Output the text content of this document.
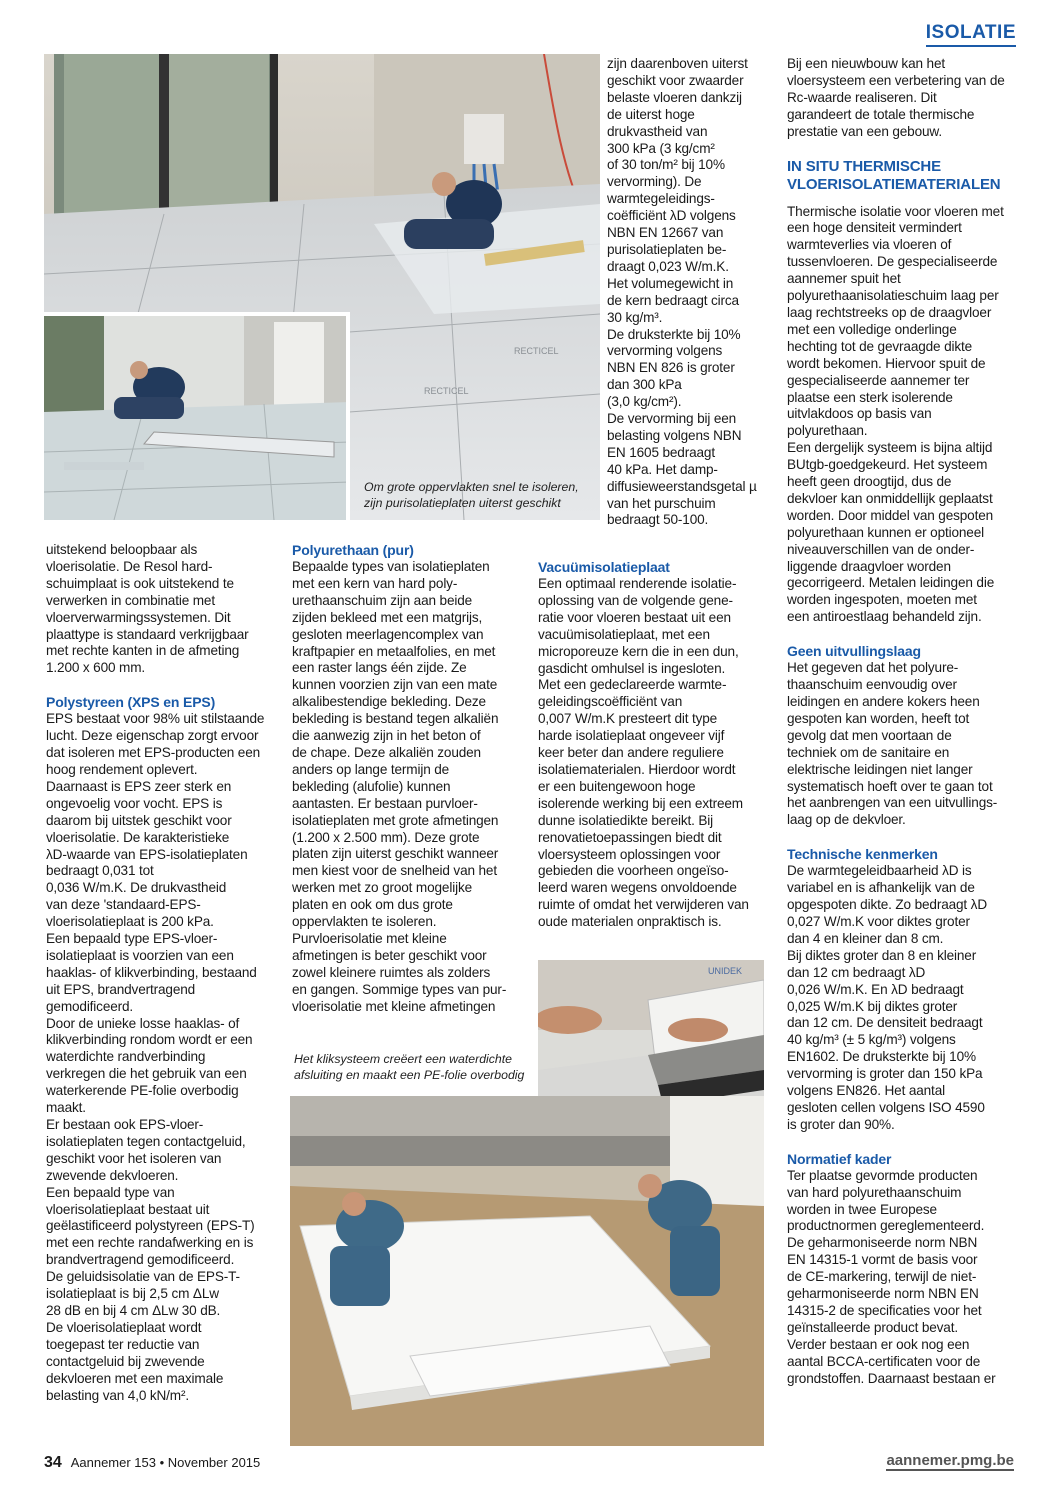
ISOLATIE
RECTICEL
RECTICEL
Om grote oppervlakten snel te isoleren,
zijn purisolatieplaten uiterst geschikt

zijn daarenboven uiterst
geschikt voor zwaarder
belaste vloeren dankzij
de uiterst hoge
drukvastheid van
300 kPa (3 kg/cm²
of 30 ton/m² bij 10%
vervorming). De
warmtegeleidings-
coëfficiënt λD volgens
NBN EN 12667 van
purisolatieplaten be-
draagt 0,023 W/m.K.
Het volumegewicht in
de kern bedraagt circa
30 kg/m³.
De druksterkte bij 10%
vervorming volgens
NBN EN 826 is groter
dan 300 kPa
(3,0 kg/cm²).
De vervorming bij een
belasting volgens NBN
EN 1605 bedraagt
40 kPa. Het damp-
diffusieweerstandsgetal µ
van het purschuim
bedraagt 50-100.

Bij een nieuwbouw kan het
vloersysteem een verbetering van de
Rc-waarde realiseren. Dit
garandeert de totale thermische
prestatie van een gebouw.

IN SITU THERMISCHE
VLOERISOLATIEMATERIALEN

Thermische isolatie voor vloeren met
een hoge densiteit vermindert
warmteverlies via vloeren of
tussenvloeren. De gespecialiseerde
aannemer spuit het
polyurethaanisolatieschuim laag per
laag rechtstreeks op de draagvloer
met een volledige onderlinge
hechting tot de gevraagde dikte
wordt bekomen. Hiervoor spuit de
gespecialiseerde aannemer ter
plaatse een sterk isolerende
uitvlakdoos op basis van
polyurethaan.
Een dergelijk systeem is bijna altijd
BUtgb-goedgekeurd. Het systeem
heeft geen droogtijd, dus de
dekvloer kan onmiddellijk geplaatst
worden. Door middel van gespoten
polyurethaan kunnen er optioneel
niveauverschillen van de onder-
liggende draagvloer worden
gecorrigeerd. Metalen leidingen die
worden ingespoten, moeten met
een antiroestlaag behandeld zijn.

Geen uitvullingslaag

Het gegeven dat het polyure-
thaanschuim eenvoudig over
leidingen en andere kokers heen
gespoten kan worden, heeft tot
gevolg dat men voortaan de
techniek om de sanitaire en
elektrische leidingen niet langer
systematisch hoeft over te gaan tot
het aanbrengen van een uitvullings-
laag op de dekvloer.

Technische kenmerken

De warmtegeleidbaarheid λD is
variabel en is afhankelijk van de
opgespoten dikte. Zo bedraagt λD
0,027 W/m.K voor diktes groter
dan 4 en kleiner dan 8 cm.
Bij diktes groter dan 8 en kleiner
dan 12 cm bedraagt λD
0,026 W/m.K. En λD bedraagt
0,025 W/m.K bij diktes groter
dan 12 cm. De densiteit bedraagt
40 kg/m³ (± 5 kg/m³) volgens
EN1602. De druksterkte bij 10%
vervorming is groter dan 150 kPa
volgens EN826. Het aantal
gesloten cellen volgens ISO 4590
is groter dan 90%.

Normatief kader

Ter plaatse gevormde producten
van hard polyurethaanschuim
worden in twee Europese
productnormen gereglementeerd.
De geharmoniseerde norm NBN
EN 14315-1 vormt de basis voor
de CE-markering, terwijl de niet-
geharmoniseerde norm NBN EN
14315-2 de specificaties voor het
geïnstalleerde product bevat.
Verder bestaan er ook nog een
aantal BCCA-certificaten voor de
grondstoffen. Daarnaast bestaan er

uitstekend beloopbaar als
vloerisolatie. De Resol hard-
schuimplaat is ook uitstekend te
verwerken in combinatie met
vloerverwarmingssystemen. Dit
plaattype is standaard verkrijgbaar
met rechte kanten in de afmeting
1.200 x 600 mm.

Polystyreen (XPS en EPS)

EPS bestaat voor 98% uit stilstaande
lucht. Deze eigenschap zorgt ervoor
dat isoleren met EPS-producten een
hoog rendement oplevert.
Daarnaast is EPS zeer sterk en
ongevoelig voor vocht. EPS is
daarom bij uitstek geschikt voor
vloerisolatie. De karakteristieke
λD-waarde van EPS-isolatieplaten
bedraagt 0,031 tot
0,036 W/m.K. De drukvastheid
van deze 'standaard-EPS-
vloerisolatieplaat is 200 kPa.
Een bepaald type EPS-vloer-
isolatieplaat is voorzien van een
haaklas- of klikverbinding, bestaand
uit EPS, brandvertragend
gemodificeerd.
Door de unieke losse haaklas- of
klikverbinding rondom wordt er een
waterdichte randverbinding
verkregen die het gebruik van een
waterkerende PE-folie overbodig
maakt.
Er bestaan ook EPS-vloer-
isolatieplaten tegen contactgeluid,
geschikt voor het isoleren van
zwevende dekvloeren.
Een bepaald type van
vloerisolatieplaat bestaat uit
geëlastificeerd polystyreen (EPS-T)
met een rechte randafwerking en is
brandvertragend gemodificeerd.
De geluidsisolatie van de EPS-T-
isolatieplaat is bij 2,5 cm ΔLw
28 dB en bij 4 cm ΔLw 30 dB.
De vloerisolatieplaat wordt
toegepast ter reductie van
contactgeluid bij zwevende
dekvloeren met een maximale
belasting van 4,0 kN/m².

Polyurethaan (pur)

Bepaalde types van isolatieplaten
met een kern van hard poly-
urethaanschuim zijn aan beide
zijden bekleed met een matgrijs,
gesloten meerlagencomplex van
kraftpapier en metaalfolies, en met
een raster langs één zijde. Ze
kunnen voorzien zijn van een mate
alkalibestendige bekleding. Deze
bekleding is bestand tegen alkaliën
die aanwezig zijn in het beton of
de chape. Deze alkaliën zouden
anders op lange termijn de
bekleding (alufolie) kunnen
aantasten. Er bestaan purvloer-
isolatieplaten met grote afmetingen
(1.200 x 2.500 mm). Deze grote
platen zijn uiterst geschikt wanneer
men kiest voor de snelheid van het
werken met zo groot mogelijke
platen en ook om dus grote
oppervlakten te isoleren.
Purvloerisolatie met kleine
afmetingen is beter geschikt voor
zowel kleinere ruimtes als zolders
en gangen. Sommige types van pur-
vloerisolatie met kleine afmetingen

Vacuümisolatieplaat

Een optimaal renderende isolatie-
oplossing van de volgende gene-
ratie voor vloeren bestaat uit een
vacuümisolatieplaat, met een
microporeuze kern die in een dun,
gasdicht omhulsel is ingesloten.
Met een gedeclareerde warmte-
geleidingscoëfficiënt van
0,007 W/m.K presteert dit type
harde isolatieplaat ongeveer vijf
keer beter dan andere reguliere
isolatiematerialen. Hierdoor wordt
er een buitengewoon hoge
isolerende werking bij een extreem
dunne isolatiedikte bereikt. Bij
renovatietoepassingen biedt dit
vloersysteem oplossingen voor
gebieden die voorheen ongeïso-
leerd waren wegens onvoldoende
ruimte of omdat het verwijderen van
oude materialen onpraktisch is.

UNIDEK
Het kliksysteem creëert een waterdichte
afsluiting en maakt een PE-folie overbodig
34 Aannemer 153 • November 2015	aannemer.pmg.be
